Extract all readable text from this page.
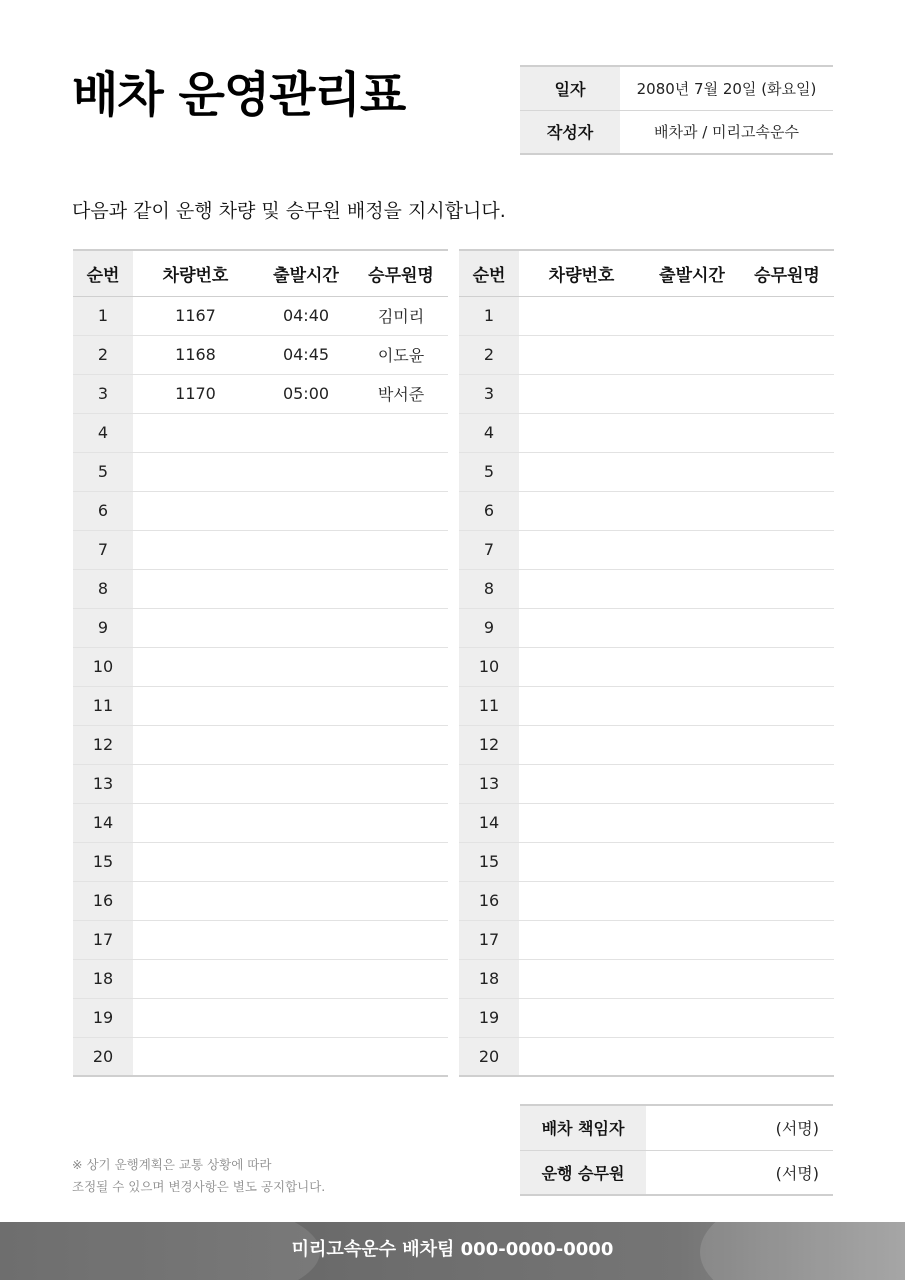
배차 운영관리표	일자	2080년 7월 20일 (화요일)
작성자	배차과 / 미리고속운수

다음과 같이 운행 차량 및 승무원 배정을 지시합니다.

순번	차량번호	출발시간	승무원명
1	1167	04:40	김미리
2	1168	04:45	이도윤
3	1170	05:00	박서준
4			
5			
6			
7			
8			
9			
10			
11			
12			
13			
14			
15			
16			
17			
18			
19			
20			
순번	차량번호	출발시간	승무원명
1			
2			
3			
4			
5			
6			
7			
8			
9			
10			
11			
12			
13			
14			
15			
16			
17			
18			
19			
20			
배차 책임자	(서명)
운행 승무원	(서명)
※ 상기 운행계획은 교통 상황에 따라
조정될 수 있으며 변경사항은 별도 공지합니다.
미리고속운수 배차팀 000-0000-0000
